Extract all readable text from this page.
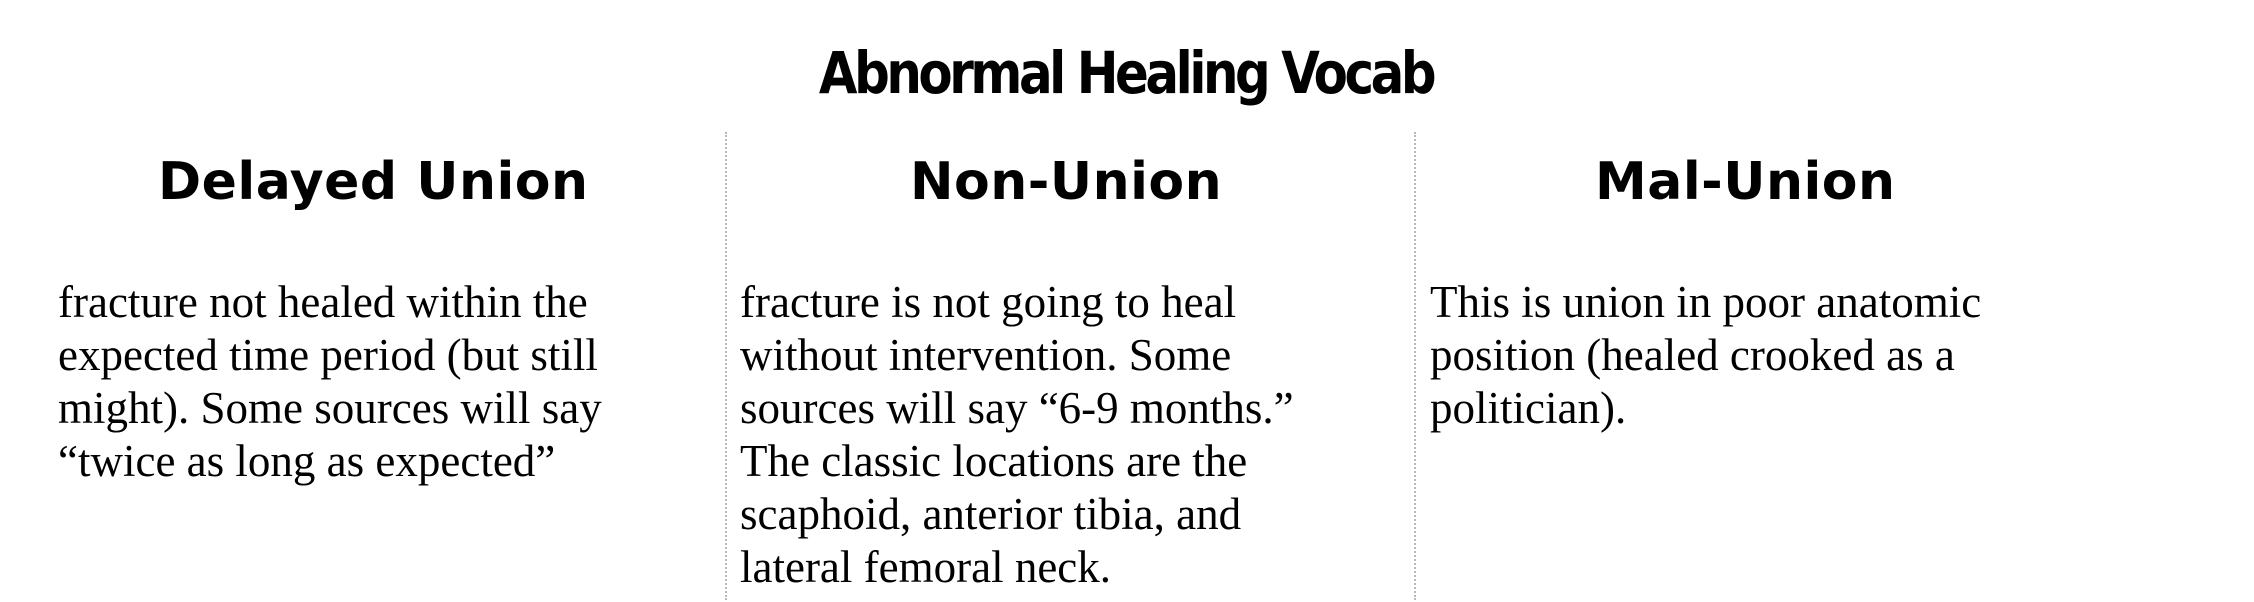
Abnormal Healing Vocab
Delayed Union
fracture not healed within the
expected time period (but still
might). Some sources will say
“twice as long as expected”
Non-Union
fracture is not going to heal
without intervention. Some
sources will say “6-9 months.”
The classic locations are the
scaphoid, anterior tibia, and
lateral femoral neck.
Mal-Union
This is union in poor anatomic
position (healed crooked as a
politician).
